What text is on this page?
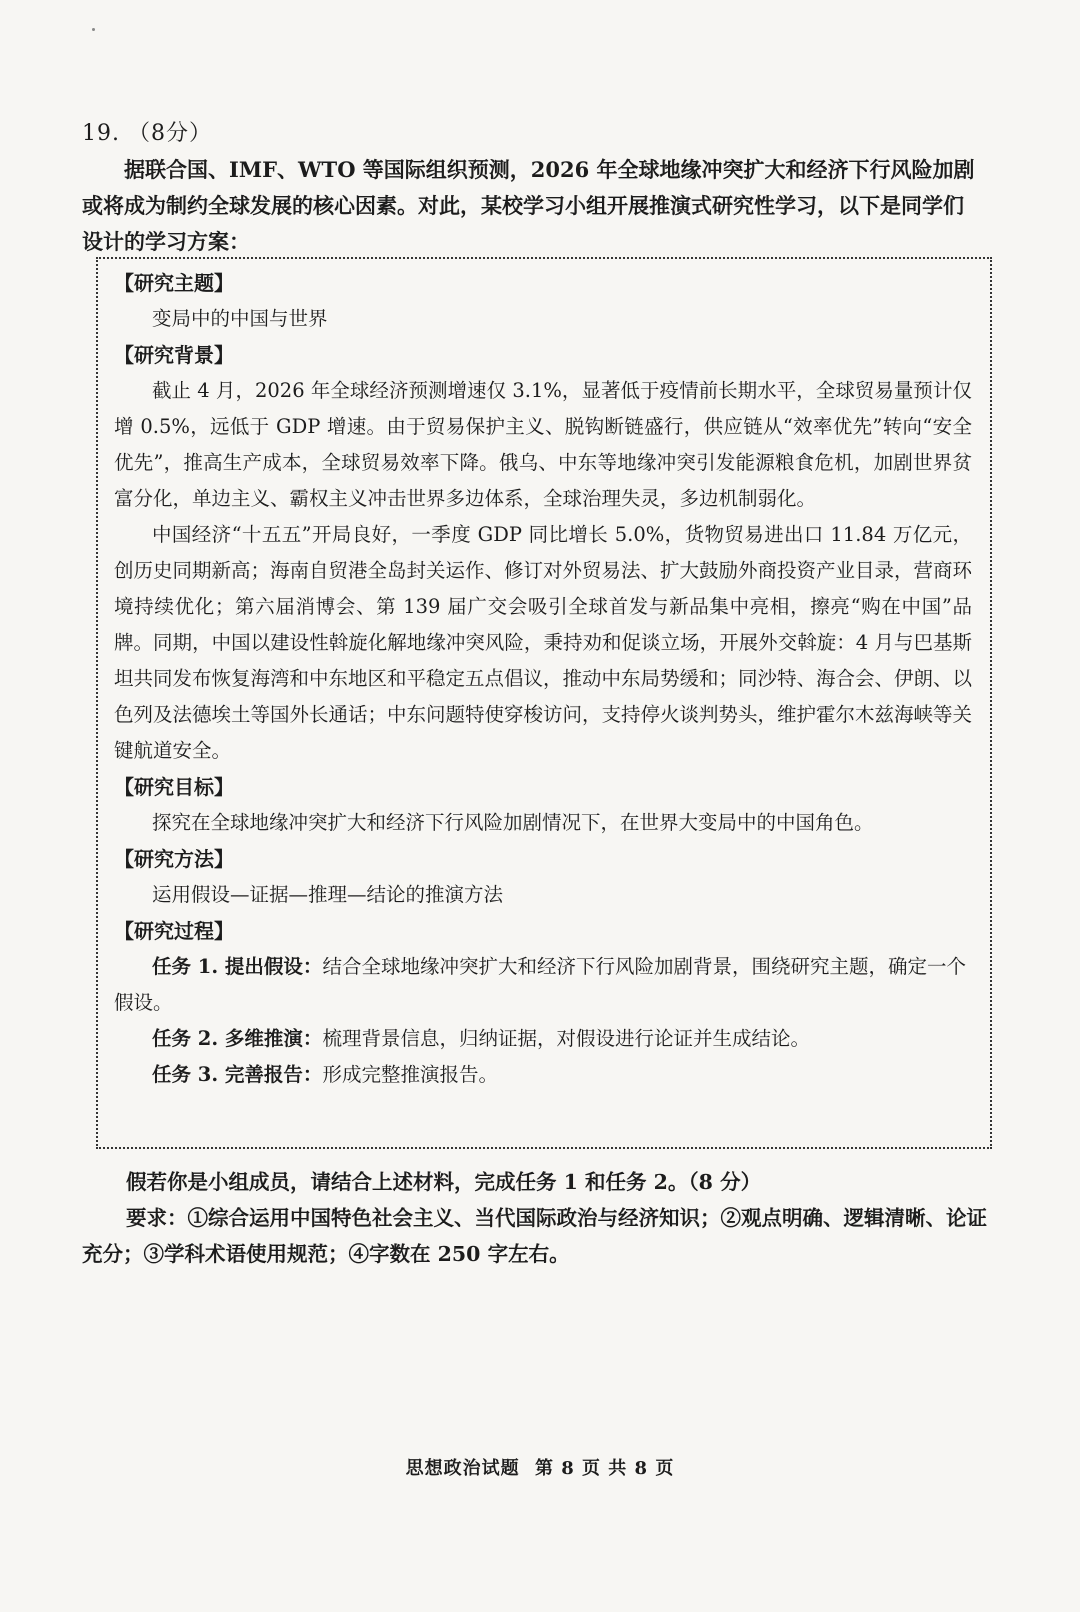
19. （8分）

据联合国、IMF、WTO 等国际组织预测，2026 年全球地缘冲突扩大和经济下行风险加剧或将成为制约全球发展的核心因素。对此，某校学习小组开展推演式研究性学习，以下是同学们设计的学习方案：

【研究主题】

变局中的中国与世界

【研究背景】

截止 4 月，2026 年全球经济预测增速仅 3.1%，显著低于疫情前长期水平，全球贸易量预计仅增 0.5%，远低于 GDP 增速。由于贸易保护主义、脱钩断链盛行，供应链从“效率优先”转向“安全优先”，推高生产成本，全球贸易效率下降。俄乌、中东等地缘冲突引发能源粮食危机，加剧世界贫富分化，单边主义、霸权主义冲击世界多边体系，全球治理失灵，多边机制弱化。

中国经济“十五五”开局良好，一季度 GDP 同比增长 5.0%，货物贸易进出口 11.84 万亿元，创历史同期新高；海南自贸港全岛封关运作、修订对外贸易法、扩大鼓励外商投资产业目录，营商环境持续优化；第六届消博会、第 139 届广交会吸引全球首发与新品集中亮相，擦亮“购在中国”品牌。同期，中国以建设性斡旋化解地缘冲突风险，秉持劝和促谈立场，开展外交斡旋：4 月与巴基斯坦共同发布恢复海湾和中东地区和平稳定五点倡议，推动中东局势缓和；同沙特、海合会、伊朗、以色列及法德埃土等国外长通话；中东问题特使穿梭访问，支持停火谈判势头，维护霍尔木兹海峡等关键航道安全。

【研究目标】

探究在全球地缘冲突扩大和经济下行风险加剧情况下，在世界大变局中的中国角色。

【研究方法】

运用假设—证据—推理—结论的推演方法

【研究过程】

任务 1. 提出假设：结合全球地缘冲突扩大和经济下行风险加剧背景，围绕研究主题，确定一个假设。

任务 2. 多维推演：梳理背景信息，归纳证据，对假设进行论证并生成结论。

任务 3. 完善报告：形成完整推演报告。

假若你是小组成员，请结合上述材料，完成任务 1 和任务 2。（8 分）

要求：①综合运用中国特色社会主义、当代国际政治与经济知识；②观点明确、逻辑清晰、论证充分；③学科术语使用规范；④字数在 250 字左右。

思想政治试题 第 8 页 共 8 页
